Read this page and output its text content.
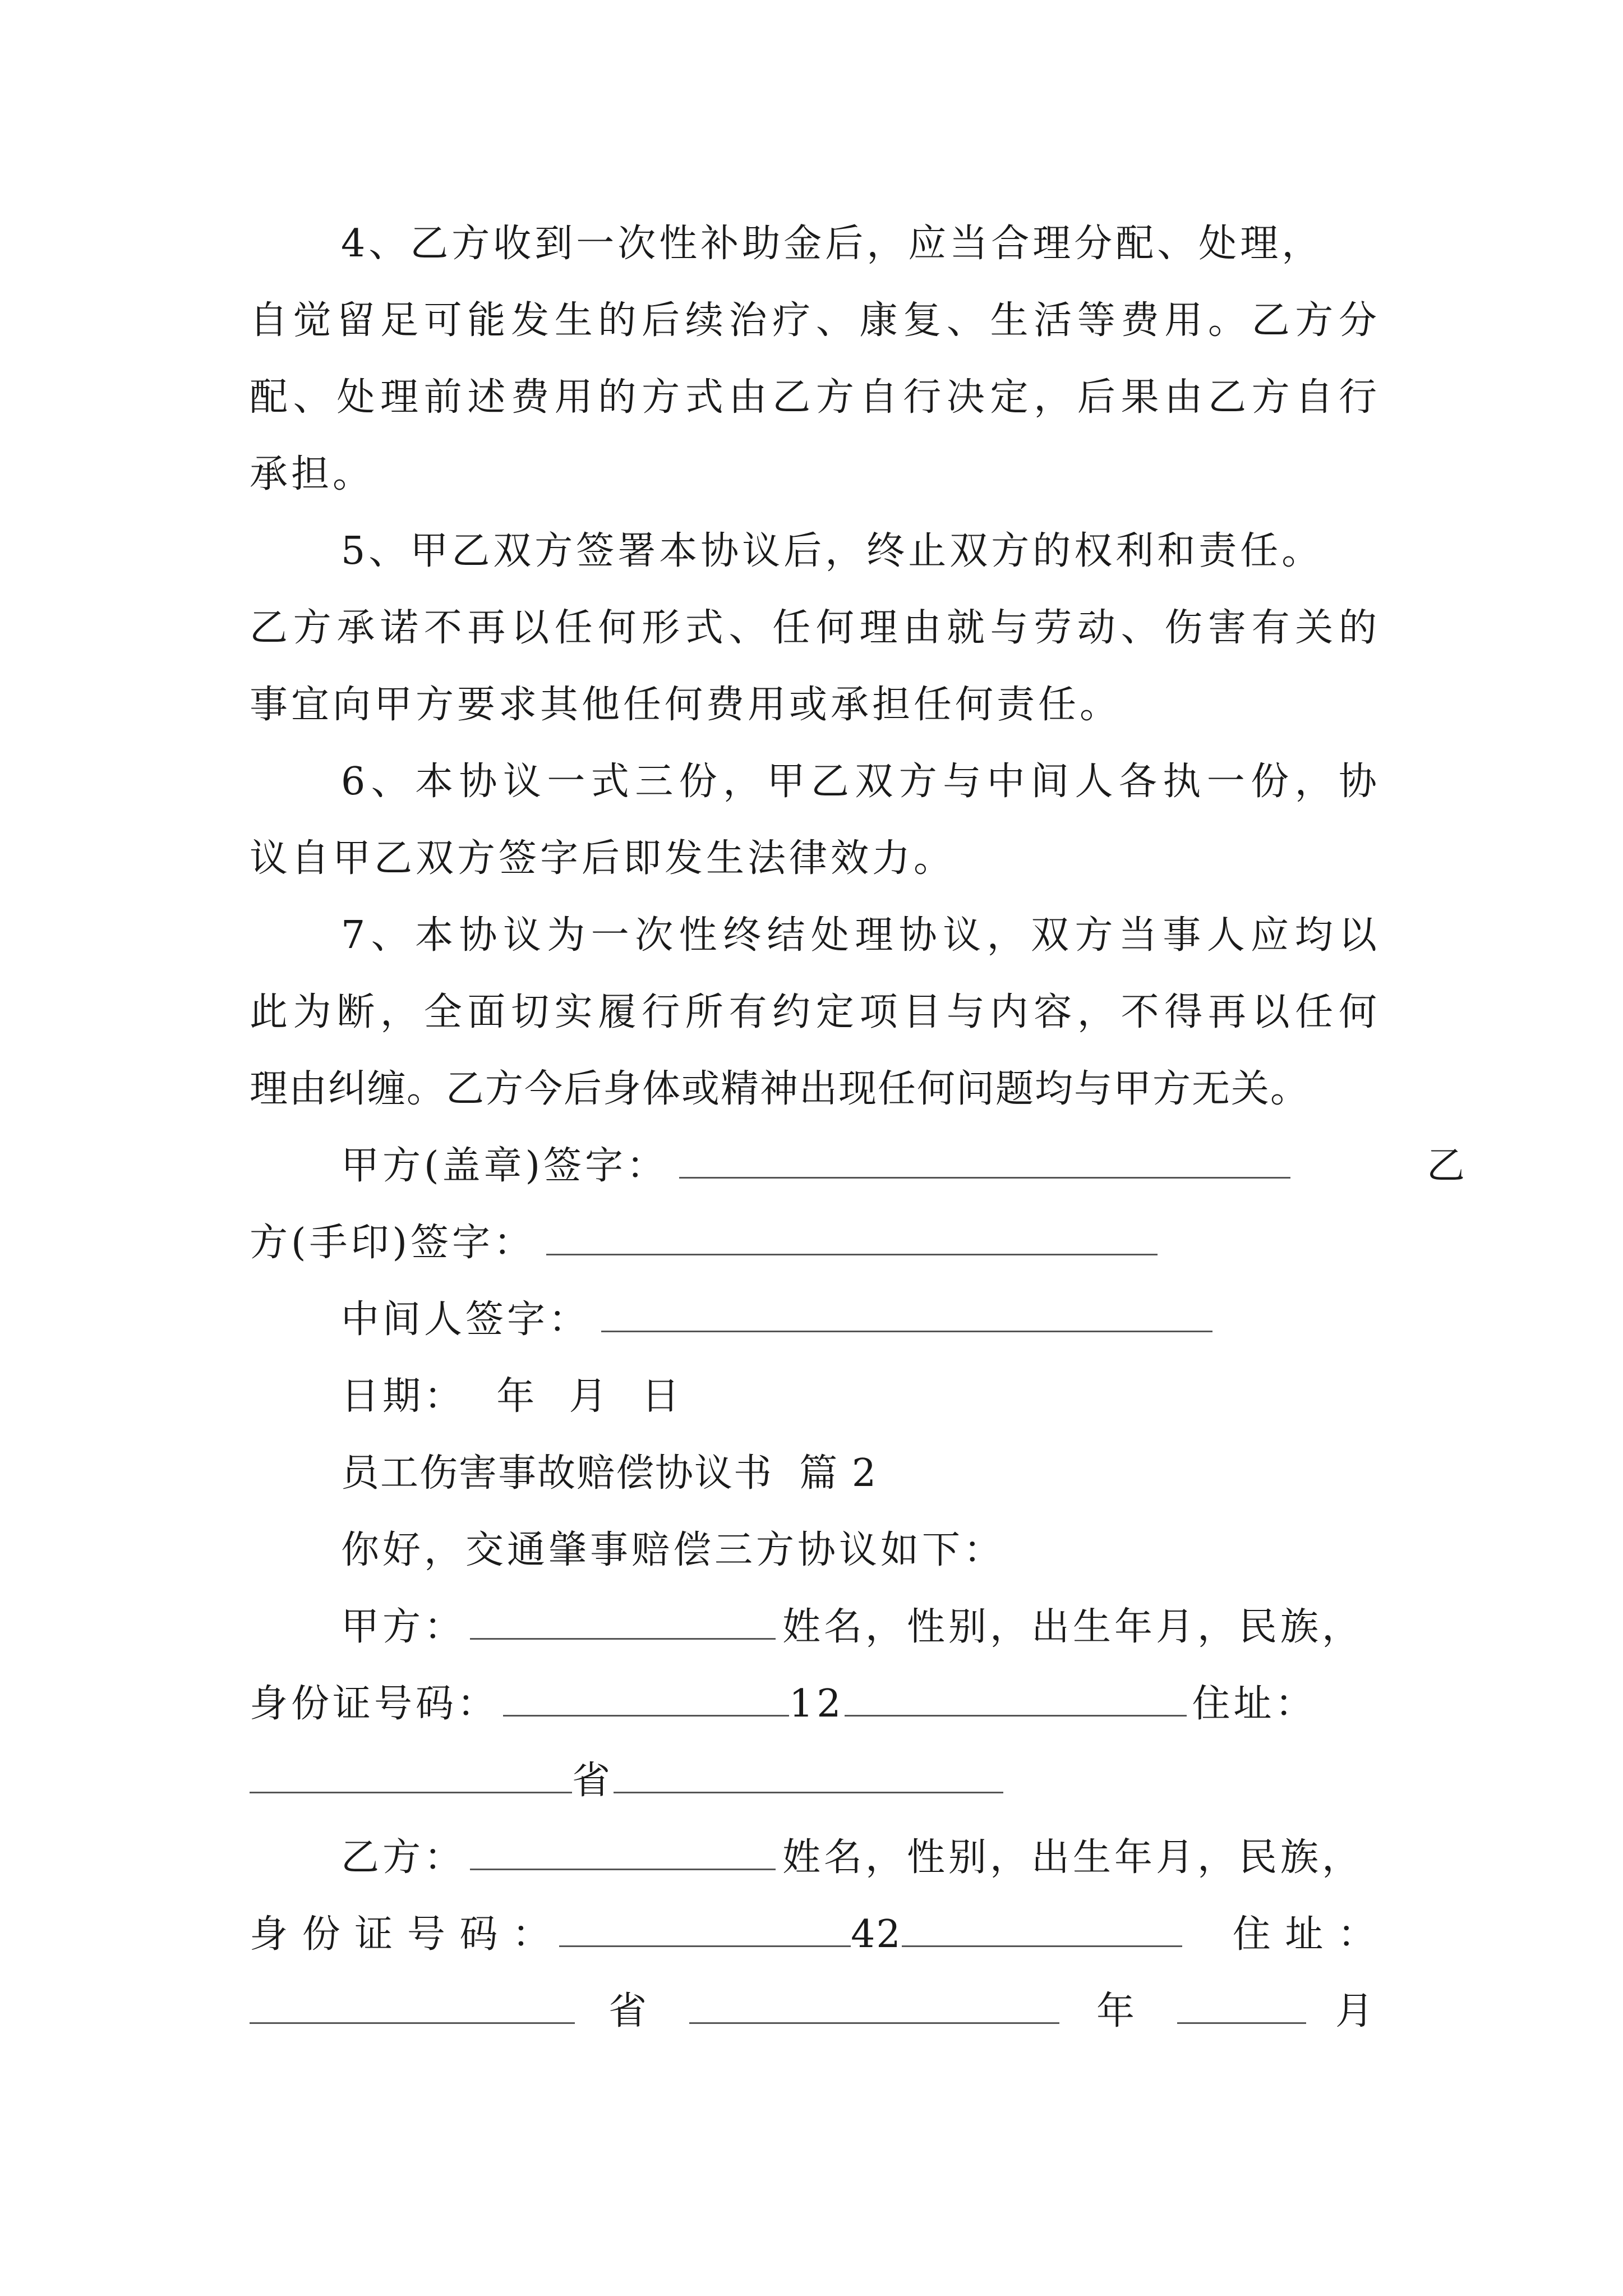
4、乙方收到一次性补助金后，应当合理分配、处理，
自觉留足可能发生的后续治疗、康复、生活等费用。乙方分
配、处理前述费用的方式由乙方自行决定，后果由乙方自行
承担。
5、甲乙双方签署本协议后，终止双方的权利和责任。
乙方承诺不再以任何形式、任何理由就与劳动、伤害有关的
事宜向甲方要求其他任何费用或承担任何责任。
6、本协议一式三份，甲乙双方与中间人各执一份，协
议自甲乙双方签字后即发生法律效力。
7、本协议为一次性终结处理协议，双方当事人应均以
此为断，全面切实履行所有约定项目与内容，不得再以任何
理由纠缠。乙方今后身体或精神出现任何问题均与甲方无关。
甲方(盖章)签字：	乙
方(手印)签字：
中间人签字：
日期：  年  月  日
员工伤害事故赔偿协议书  篇 2
你好，交通肇事赔偿三方协议如下：
甲方：	姓名，性别，出生年月，民族，
身份证号码：	12	住址：
省
乙方：	姓名，性别，出生年月，民族，
身 份 证 号 码 ：	42	住 址 ：
省	年	月
